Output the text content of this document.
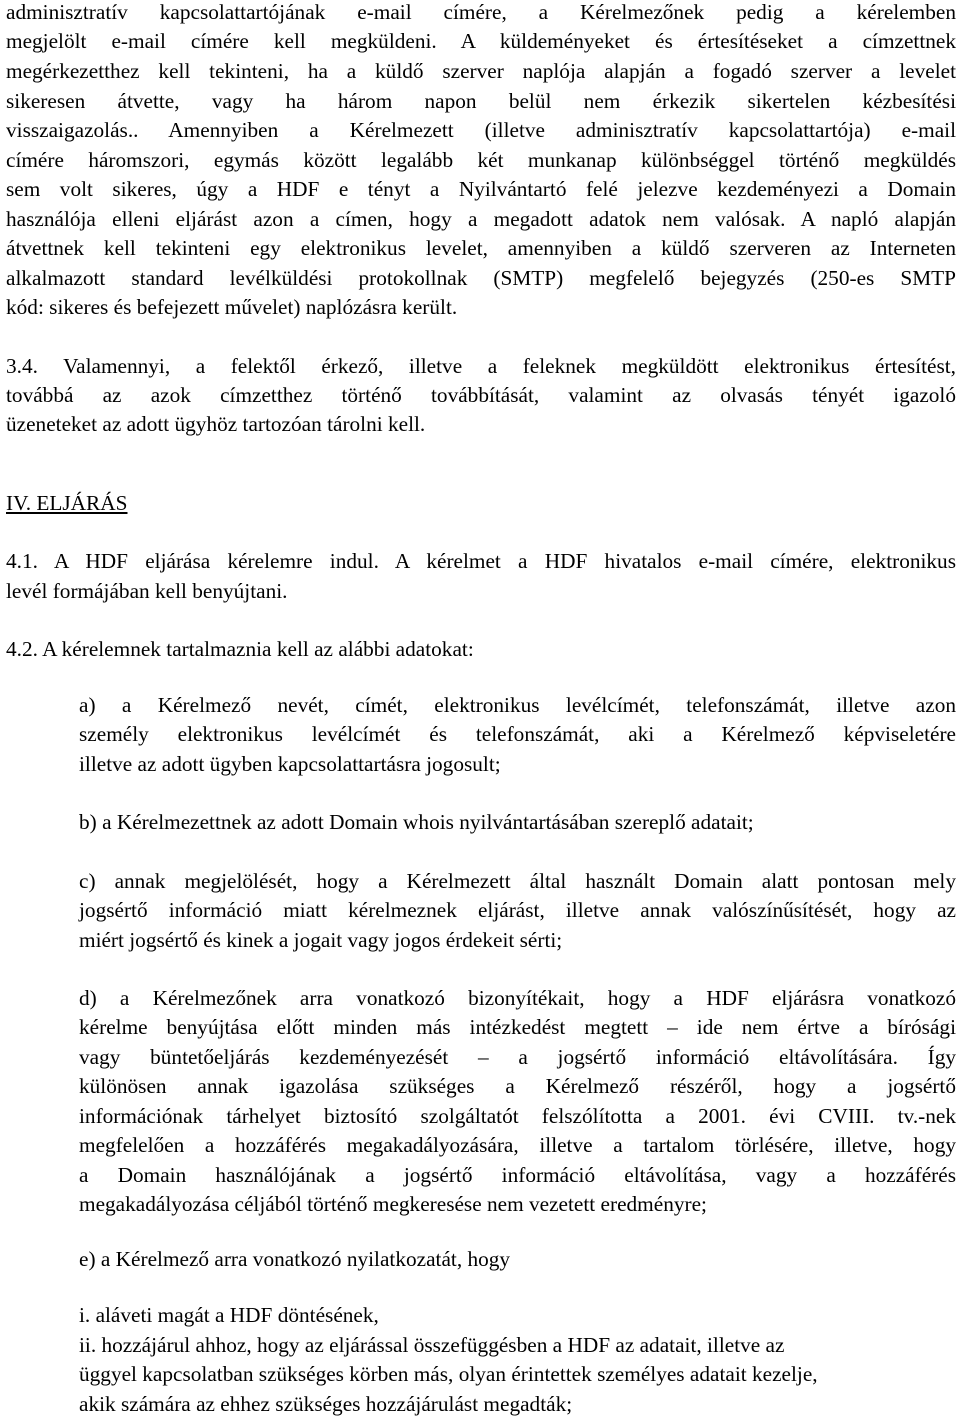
adminisztratív kapcsolattartójának e-mail címére, a Kérelmezőnek pedig a kérelemben
megjelölt e-mail címére kell megküldeni. A küldeményeket és értesítéseket a címzettnek
megérkezetthez kell tekinteni, ha a küldő szerver naplója alapján a fogadó szerver a levelet
sikeresen átvette, vagy ha három napon belül nem érkezik sikertelen kézbesítési
visszaigazolás.. Amennyiben a Kérelmezett (illetve adminisztratív kapcsolattartója) e-mail
címére háromszori, egymás között legalább két munkanap különbséggel történő megküldés
sem volt sikeres, úgy a HDF e tényt a Nyilvántartó felé jelezve kezdeményezi a Domain
használója elleni eljárást azon a címen, hogy a megadott adatok nem valósak. A napló alapján
átvettnek kell tekinteni egy elektronikus levelet, amennyiben a küldő szerveren az Interneten
alkalmazott standard levélküldési protokollnak (SMTP) megfelelő bejegyzés (250-es SMTP
kód: sikeres és befejezett művelet) naplózásra került.
3.4. Valamennyi, a felektől érkező, illetve a feleknek megküldött elektronikus értesítést,
továbbá az azok címzetthez történő továbbítását, valamint az olvasás tényét igazoló
üzeneteket az adott ügyhöz tartozóan tárolni kell.
IV. ELJÁRÁS
4.1. A HDF eljárása kérelemre indul. A kérelmet a HDF hivatalos e-mail címére, elektronikus
levél formájában kell benyújtani.
4.2. A kérelemnek tartalmaznia kell az alábbi adatokat:
a) a Kérelmező nevét, címét, elektronikus levélcímét, telefonszámát, illetve azon
személy elektronikus levélcímét és telefonszámát, aki a Kérelmező képviseletére
illetve az adott ügyben kapcsolattartásra jogosult;
b) a Kérelmezettnek az adott Domain whois nyilvántartásában szereplő adatait;
c) annak megjelölését, hogy a Kérelmezett által használt Domain alatt pontosan mely
jogsértő információ miatt kérelmeznek eljárást, illetve annak valószínűsítését, hogy az
miért jogsértő és kinek a jogait vagy jogos érdekeit sérti;
d) a Kérelmezőnek arra vonatkozó bizonyítékait, hogy a HDF eljárásra vonatkozó
kérelme benyújtása előtt minden más intézkedést megtett – ide nem értve a bírósági
vagy büntetőeljárás kezdeményezését – a jogsértő információ eltávolítására. Így
különösen annak igazolása szükséges a Kérelmező részéről, hogy a jogsértő
információnak tárhelyet biztosító szolgáltatót felszólította a 2001. évi CVIII. tv.-nek
megfelelően a hozzáférés megakadályozására, illetve a tartalom törlésére, illetve, hogy
a Domain használójának a jogsértő információ eltávolítása, vagy a hozzáférés
megakadályozása céljából történő megkeresése nem vezetett eredményre;
e) a Kérelmező arra vonatkozó nyilatkozatát, hogy
i. aláveti magát a HDF döntésének,
ii. hozzájárul ahhoz, hogy az eljárással összefüggésben a HDF az adatait, illetve az
üggyel kapcsolatban szükséges körben más, olyan érintettek személyes adatait kezelje,
akik számára az ehhez szükséges hozzájárulást megadták;
